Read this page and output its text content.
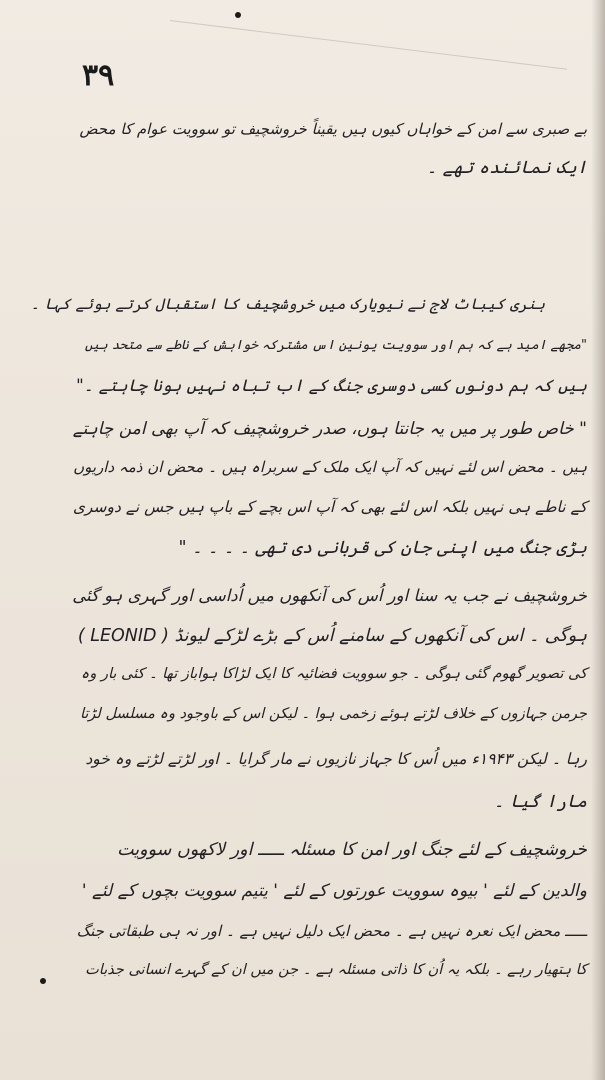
۳۹
بے صبری سے امن کے خواہاں کیوں ہیں یقیناً خروشچیف تو سوویت عوام کا محض
ایک نمائندہ تھے ۔
ہنری کیباٹ لاج نے نیویارک میں خروشچیف کا استقبال کرتے ہوئے کہا ۔
"مجھے امید ہے کہ ہم اور سوویت یونین اس مشترکہ خواہش کے ناطے سے متحد ہیں
ہیں کہ ہم دونوں کسی دوسری جنگ کے اب تباہ نہیں ہونا چاہتے ۔"
" خاص طور پر میں یہ جانتا ہوں، صدر خروشچیف کہ آپ بھی امن چاہتے
ہیں ۔ محض اس لئے نہیں کہ آپ ایک ملک کے سربراہ ہیں ۔ محض ان ذمہ داریوں
کے ناطے ہی نہیں بلکہ اس لئے بھی کہ آپ اس بچے کے باپ ہیں جس نے دوسری
بڑی جنگ میں اپنی جان کی قربانی دی تھی ۔ ۔ ۔ ۔ "
خروشچیف نے جب یہ سنا اور اُس کی آنکھوں میں اُداسی اور گہری ہو گئی
ہوگی ۔ اس کی آنکھوں کے سامنے اُس کے بڑے لڑکے لیونڈ ( LEONID )
کی تصویر گھوم گئی ہوگی ۔ جو سوویت فضائیہ کا ایک لڑاکا ہواباز تھا ۔ کئی بار وہ
جرمن جہازوں کے خلاف لڑتے ہوئے زخمی ہوا ۔ لیکن اس کے باوجود وہ مسلسل لڑتا
رہا ۔ لیکن ۱۹۴۳ء میں اُس کا جہاز نازیوں نے مار گرایا ۔ اور لڑتے لڑتے وہ خود
مارا گیا ۔
خروشچیف کے لئے جنگ اور امن کا مسئلہ ـــــ اور لاکھوں سوویت
والدین کے لئے ' بیوہ سوویت عورتوں کے لئے ' یتیم سوویت بچوں کے لئے '
ـــــ محض ایک نعرہ نہیں ہے ۔ محض ایک دلیل نہیں ہے ۔ اور نہ ہی طبقاتی جنگ
کا ہتھیار رہے ۔ بلکہ یہ اُن کا ذاتی مسئلہ ہے ۔ جن میں ان کے گہرے انسانی جذبات
